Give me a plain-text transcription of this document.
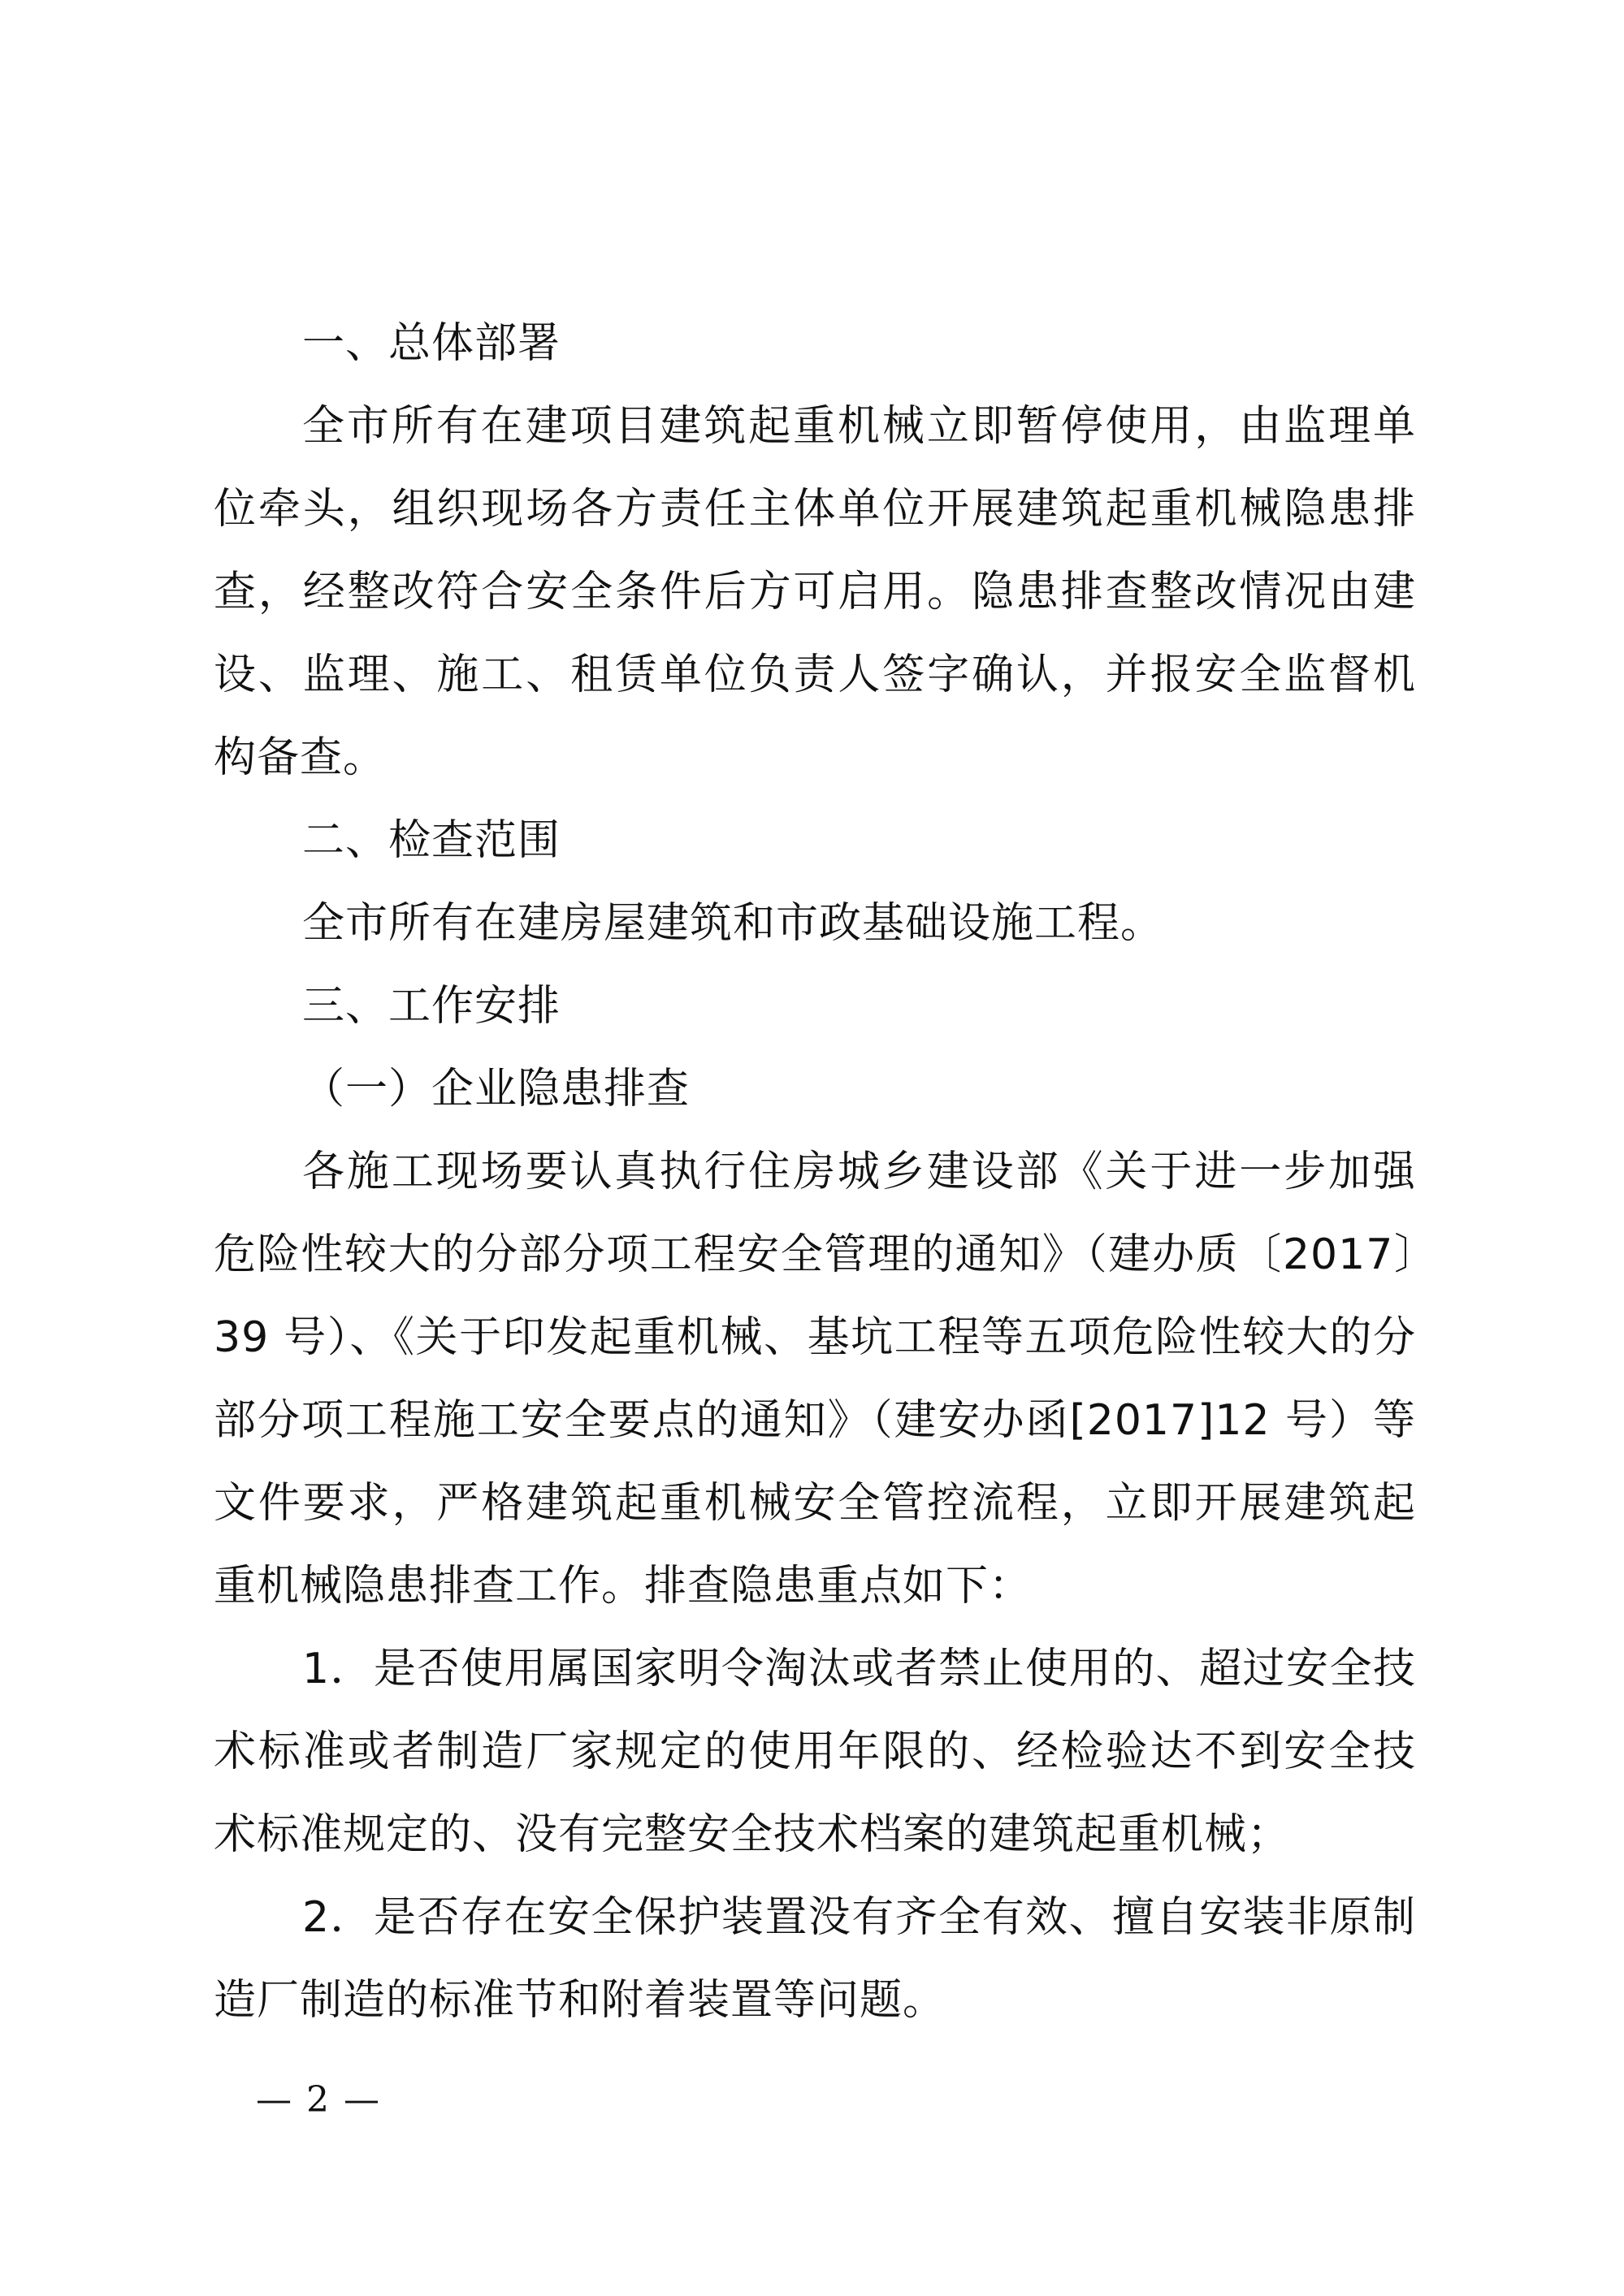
一、总体部署

全市所有在建项目建筑起重机械立即暂停使用，由监理单位牵头，组织现场各方责任主体单位开展建筑起重机械隐患排查，经整改符合安全条件后方可启用。隐患排查整改情况由建设、监理、施工、租赁单位负责人签字确认，并报安全监督机构备查。

二、检查范围

全市所有在建房屋建筑和市政基础设施工程。

三、工作安排

（一）企业隐患排查

各施工现场要认真执行住房城乡建设部《关于进一步加强危险性较大的分部分项工程安全管理的通知》（建办质〔2017〕39 号）、《关于印发起重机械、基坑工程等五项危险性较大的分部分项工程施工安全要点的通知》（建安办函[2017]12 号）等文件要求，严格建筑起重机械安全管控流程，立即开展建筑起重机械隐患排查工作。排查隐患重点如下：

1．是否使用属国家明令淘汰或者禁止使用的、超过安全技术标准或者制造厂家规定的使用年限的、经检验达不到安全技术标准规定的、没有完整安全技术档案的建筑起重机械；

2．是否存在安全保护装置没有齐全有效、擅自安装非原制造厂制造的标准节和附着装置等问题。

— 2 —
